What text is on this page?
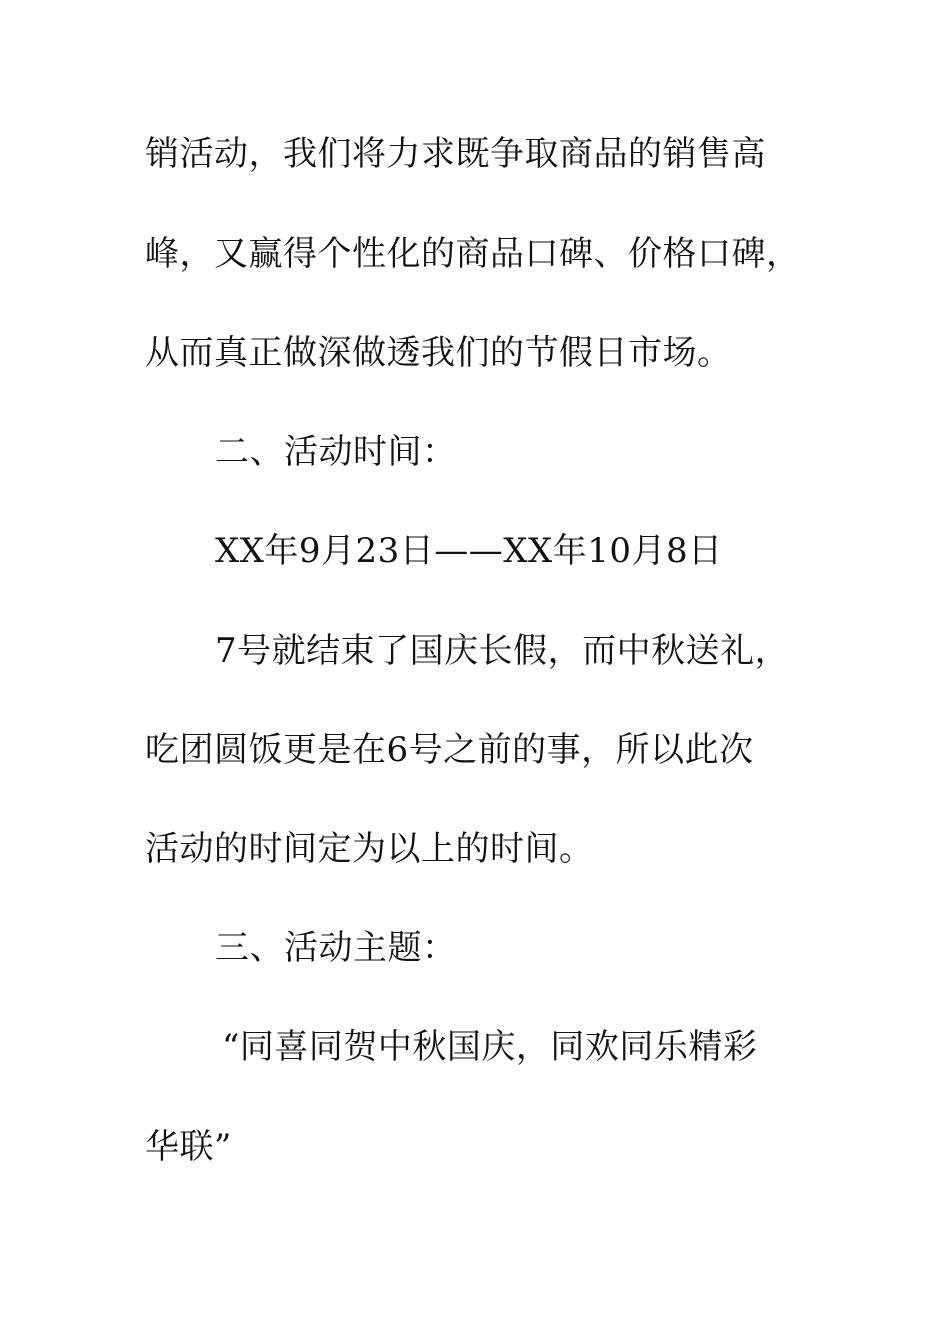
销活动，我们将力求既争取商品的销售高
峰，又赢得个性化的商品口碑、价格口碑，
从而真正做深做透我们的节假日市场。
二、活动时间：
XX年9月23日——XX年10月8日
7号就结束了国庆长假，而中秋送礼，
吃团圆饭更是在6号之前的事，所以此次
活动的时间定为以上的时间。
三、活动主题：
“同喜同贺中秋国庆，同欢同乐精彩
华联”
